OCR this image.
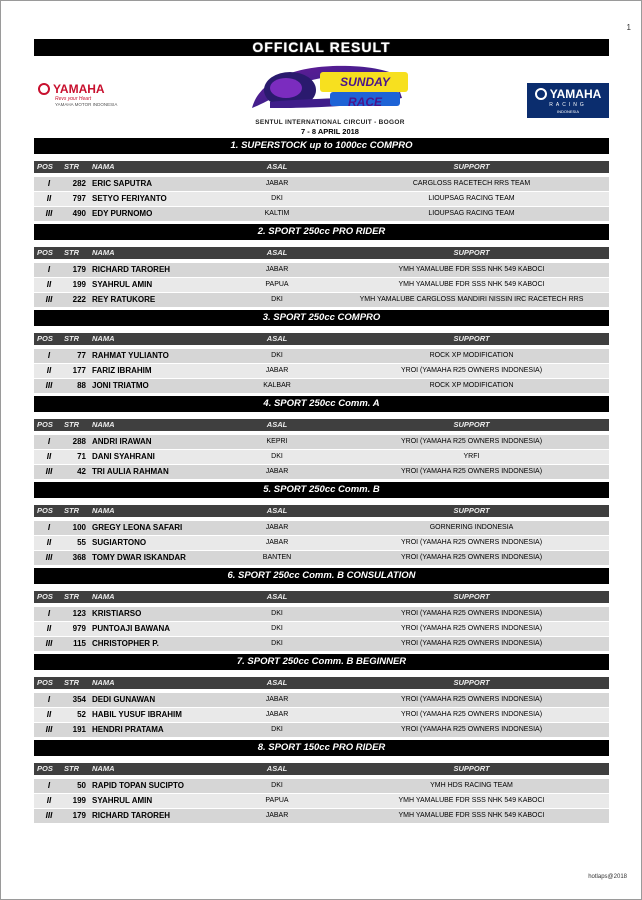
1
OFFICIAL RESULT
YAMAHA
Revs your Heart
YAMAHA MOTOR INDONESIA
SUNDAY RACE
SENTUL INTERNATIONAL CIRCUIT - BOGOR
7 - 8 APRIL 2018
YAMAHA
RACING
INDONESIA
1. SUPERSTOCK up to 1000cc COMPRO
POS	STR	NAMA	ASAL	SUPPORT
I	282 ERIC SAPUTRA	JABAR	CARGLOSS RACETECH RRS TEAM
II	797 SETYO FERIYANTO	DKI	LIOUPSAG RACING TEAM
III	490 EDY PURNOMO	KALTIM	LIOUPSAG RACING TEAM
2. SPORT 250cc PRO RIDER
POS	STR	NAMA	ASAL	SUPPORT
I	179 RICHARD TAROREH	JABAR	YMH YAMALUBE FDR SSS NHK 549 KABOCI
II	199 SYAHRUL AMIN	PAPUA	YMH YAMALUBE FDR SSS NHK 549 KABOCI
III	222 REY RATUKORE	DKI	YMH YAMALUBE CARGLOSS MANDIRI NISSIN IRC RACETECH RRS
3. SPORT 250cc COMPRO
POS	STR	NAMA	ASAL	SUPPORT
I	77 RAHMAT YULIANTO	DKI	ROCK XP MODIFICATION
II	177 FARIZ IBRAHIM	JABAR	YROI (YAMAHA R25 OWNERS INDONESIA)
III	88 JONI TRIATMO	KALBAR	ROCK XP MODIFICATION
4. SPORT 250cc Comm. A
POS	STR	NAMA	ASAL	SUPPORT
I	288 ANDRI IRAWAN	KEPRI	YROI (YAMAHA R25 OWNERS INDONESIA)
II	71 DANI SYAHRANI	DKI	YRFI
III	42 TRI AULIA RAHMAN	JABAR	YROI (YAMAHA R25 OWNERS INDONESIA)
5. SPORT 250cc Comm. B
POS	STR	NAMA	ASAL	SUPPORT
I	100 GREGY LEONA SAFARI	JABAR	GORNERING INDONESIA
II	55 SUGIARTONO	JABAR	YROI (YAMAHA R25 OWNERS INDONESIA)
III	368 TOMY DWAR ISKANDAR	BANTEN	YROI (YAMAHA R25 OWNERS INDONESIA)
6. SPORT 250cc Comm. B CONSULATION
POS	STR	NAMA	ASAL	SUPPORT
I	123 KRISTIARSO	DKI	YROI (YAMAHA R25 OWNERS INDONESIA)
II	979 PUNTOAJI BAWANA	DKI	YROI (YAMAHA R25 OWNERS INDONESIA)
III	115 CHRISTOPHER P.	DKI	YROI (YAMAHA R25 OWNERS INDONESIA)
7. SPORT 250cc Comm. B BEGINNER
POS	STR	NAMA	ASAL	SUPPORT
I	354 DEDI GUNAWAN	JABAR	YROI (YAMAHA R25 OWNERS INDONESIA)
II	52 HABIL YUSUF IBRAHIM	JABAR	YROI (YAMAHA R25 OWNERS INDONESIA)
III	191 HENDRI PRATAMA	DKI	YROI (YAMAHA R25 OWNERS INDONESIA)
8. SPORT 150cc PRO RIDER
POS	STR	NAMA	ASAL	SUPPORT
I	50 RAPID TOPAN SUCIPTO	DKI	YMH HDS RACING TEAM
II	199 SYAHRUL AMIN	PAPUA	YMH YAMALUBE FDR SSS NHK 549 KABOCI
III	179 RICHARD TAROREH	JABAR	YMH YAMALUBE FDR SSS NHK 549 KABOCI
hotlaps@2018
